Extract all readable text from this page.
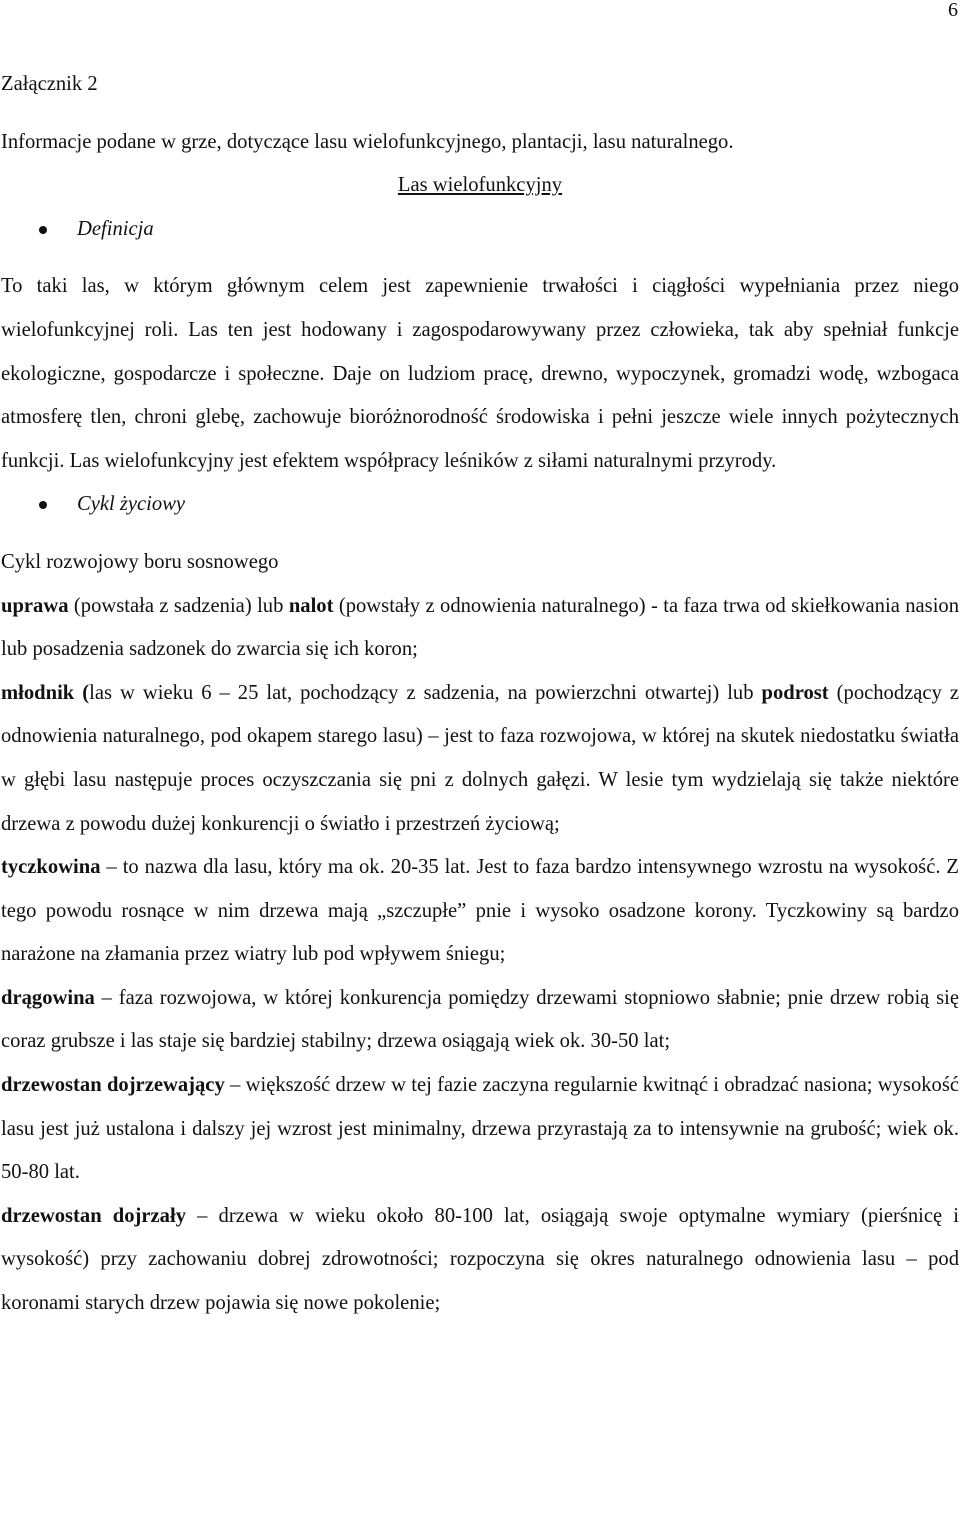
6

Załącznik 2

Informacje podane w grze, dotyczące lasu wielofunkcyjnego, plantacji, lasu naturalnego.

Las wielofunkcyjny

Definicja

To taki las, w którym głównym celem jest zapewnienie trwałości i ciągłości wypełniania przez niego wielofunkcyjnej roli. Las ten jest hodowany i zagospodarowywany przez człowieka, tak aby spełniał funkcje ekologiczne, gospodarcze i społeczne. Daje on ludziom pracę, drewno, wypoczynek, gromadzi wodę, wzbogaca atmosferę tlen, chroni glebę, zachowuje bioróżnorodność środowiska i pełni jeszcze wiele innych pożytecznych funkcji. Las wielofunkcyjny jest efektem współpracy leśników z siłami naturalnymi przyrody.

Cykl życiowy

Cykl rozwojowy boru sosnowego

uprawa (powstała z sadzenia) lub nalot (powstały z odnowienia naturalnego) - ta faza trwa od skiełkowania nasion lub posadzenia sadzonek do zwarcia się ich koron;

młodnik (las w wieku 6 – 25 lat, pochodzący z sadzenia, na powierzchni otwartej) lub podrost (pochodzący z odnowienia naturalnego, pod okapem starego lasu) – jest to faza rozwojowa, w której na skutek niedostatku światła w głębi lasu następuje proces oczyszczania się pni z dolnych gałęzi. W lesie tym wydzielają się także niektóre drzewa z powodu dużej konkurencji o światło i przestrzeń życiową;

tyczkowina – to nazwa dla lasu, który ma ok. 20-35 lat. Jest to faza bardzo intensywnego wzrostu na wysokość. Z tego powodu rosnące w nim drzewa mają „szczupłe” pnie i wysoko osadzone korony. Tyczkowiny są bardzo narażone na złamania przez wiatry lub pod wpływem śniegu;

drągowina – faza rozwojowa, w której konkurencja pomiędzy drzewami stopniowo słabnie; pnie drzew robią się coraz grubsze i las staje się bardziej stabilny; drzewa osiągają wiek ok. 30-50 lat;

drzewostan dojrzewający – większość drzew w tej fazie zaczyna regularnie kwitnąć i obradzać nasiona; wysokość lasu jest już ustalona i dalszy jej wzrost jest minimalny, drzewa przyrastają za to intensywnie na grubość; wiek ok. 50-80 lat.

drzewostan dojrzały – drzewa w wieku około 80-100 lat, osiągają swoje optymalne wymiary (pierśnicę i wysokość) przy zachowaniu dobrej zdrowotności; rozpoczyna się okres naturalnego odnowienia lasu – pod koronami starych drzew pojawia się nowe pokolenie;
